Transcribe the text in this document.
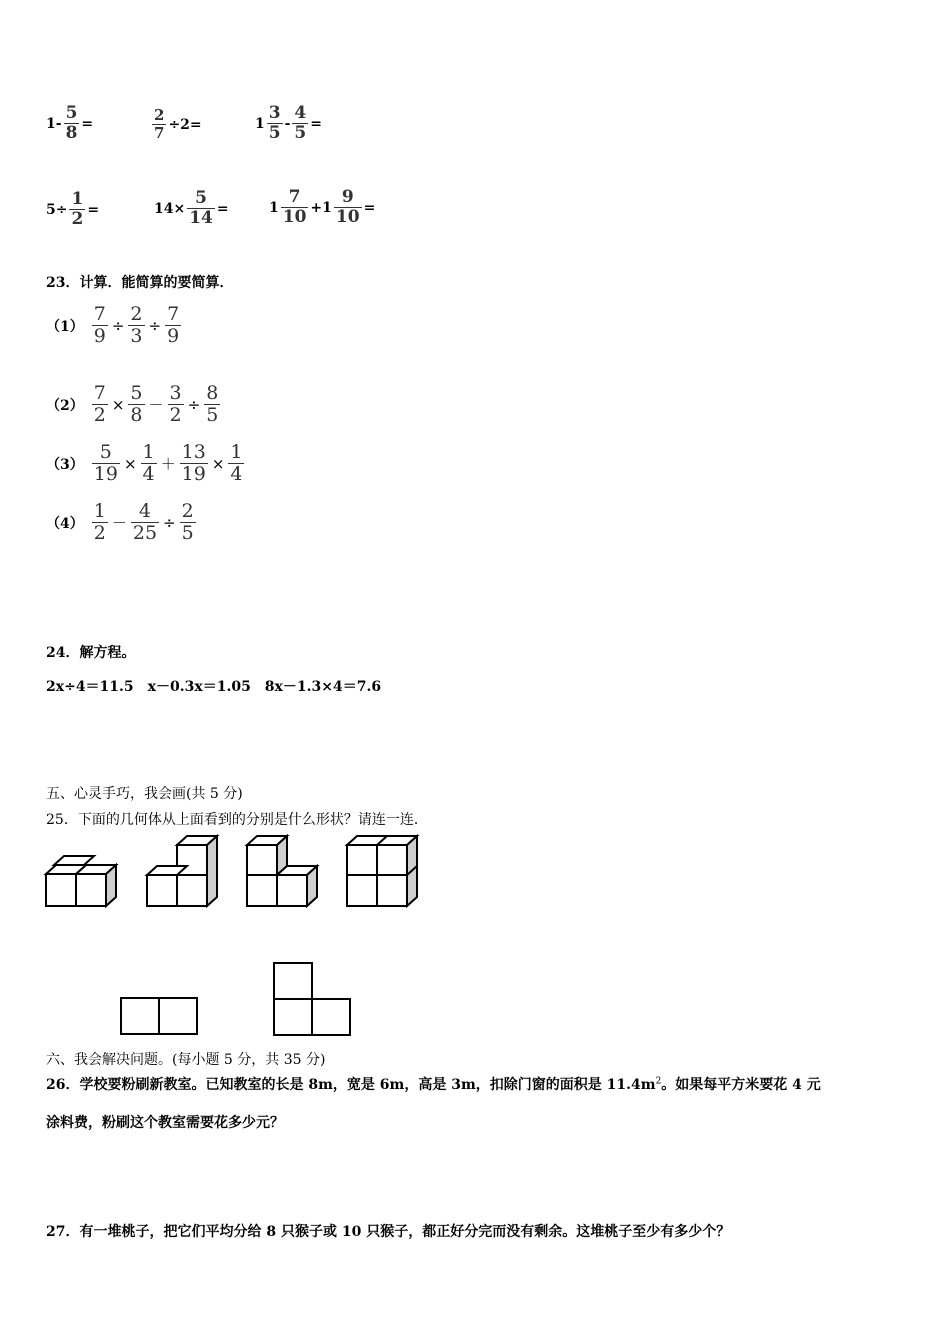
$1- \frac{5}{8}$ =	$\frac{2}{7} \div 2=$	$1 \frac{3}{5} - \frac{4}{5}$ =
$5\div \frac{1}{2}$ =	$14\times \frac{5}{14}$ =	$1 \frac{7}{10} +1 \frac{9}{10}$ =
23．计算．能简算的要简算．
$(1) \frac{7}{9} \div \frac{2}{3} \div \frac{7}{9}$
$(2) \frac{7}{2} \times \frac{5}{8} - \frac{3}{2} \div \frac{8}{5}$
$(3) \frac{5}{19} \times \frac{1}{4} + \frac{13}{19} \times \frac{1}{4}$
$(4) \frac{1}{2} - \frac{4}{25} \div \frac{2}{5}$
24．解方程。
2x÷4＝11.5　x－0.3x＝1.05　8x－1.3×4＝7.6
五、心灵手巧，我会画(共 5 分)
25．下面的几何体从上面看到的分别是什么形状？请连一连．
六、我会解决问题。(每小题 5 分，共 35 分)
26．学校要粉刷新教室。已知教室的长是 8m，宽是 6m，高是 3m，扣除门窗的面积是 $11.4m^2$。如果每平方米要花 4 元
涂料费，粉刷这个教室需要花多少元？
27．有一堆桃子，把它们平均分给 8 只猴子或 10 只猴子，都正好分完而没有剩余。这堆桃子至少有多少个？
